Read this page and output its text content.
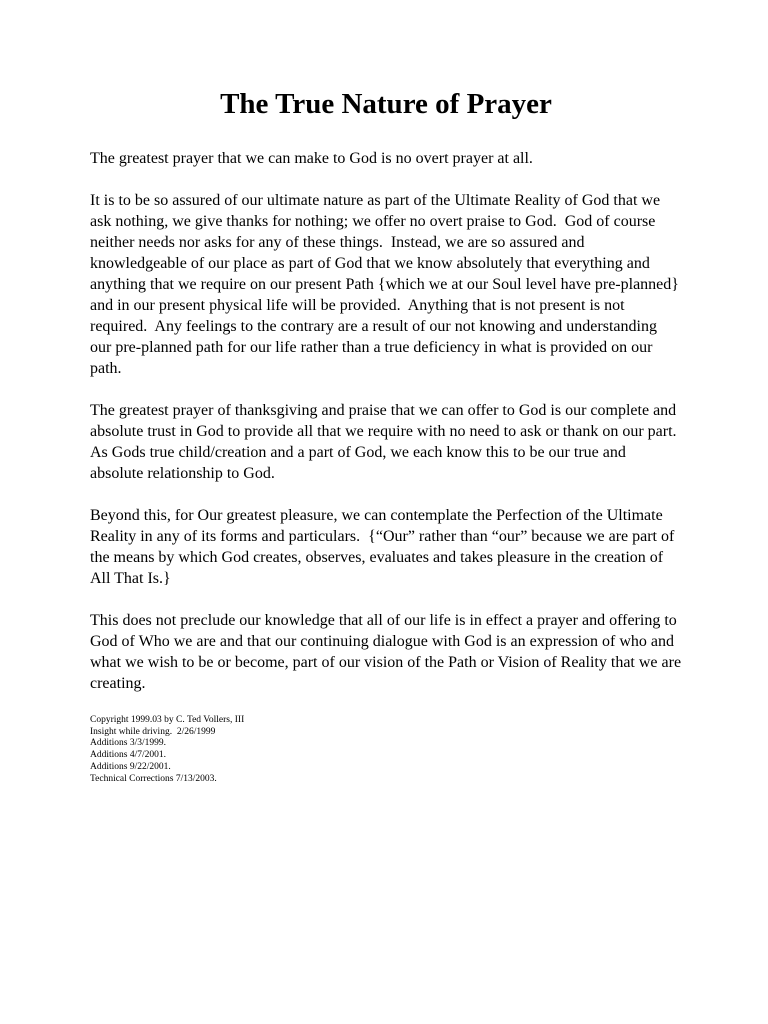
The True Nature of Prayer

The greatest prayer that we can make to God is no overt prayer at all.

It is to be so assured of our ultimate nature as part of the Ultimate Reality of God that we ask nothing, we give thanks for nothing; we offer no overt praise to God.  God of course neither needs nor asks for any of these things.  Instead, we are so assured and knowledgeable of our place as part of God that we know absolutely that everything and anything that we require on our present Path {which we at our Soul level have pre-planned} and in our present physical life will be provided.  Anything that is not present is not required.  Any feelings to the contrary are a result of our not knowing and understanding our pre-planned path for our life rather than a true deficiency in what is provided on our path.

The greatest prayer of thanksgiving and praise that we can offer to God is our complete and absolute trust in God to provide all that we require with no need to ask or thank on our part.  As Gods true child/creation and a part of God, we each know this to be our true and absolute relationship to God.

Beyond this, for Our greatest pleasure, we can contemplate the Perfection of the Ultimate Reality in any of its forms and particulars.  {“Our” rather than “our” because we are part of the means by which God creates, observes, evaluates and takes pleasure in the creation of All That Is.}

This does not preclude our knowledge that all of our life is in effect a prayer and offering to God of Who we are and that our continuing dialogue with God is an expression of who and what we wish to be or become, part of our vision of the Path or Vision of Reality that we are creating.

Copyright 1999.03 by C. Ted Vollers, III
Insight while driving.  2/26/1999
Additions 3/3/1999.
Additions 4/7/2001.
Additions 9/22/2001.
Technical Corrections 7/13/2003.
